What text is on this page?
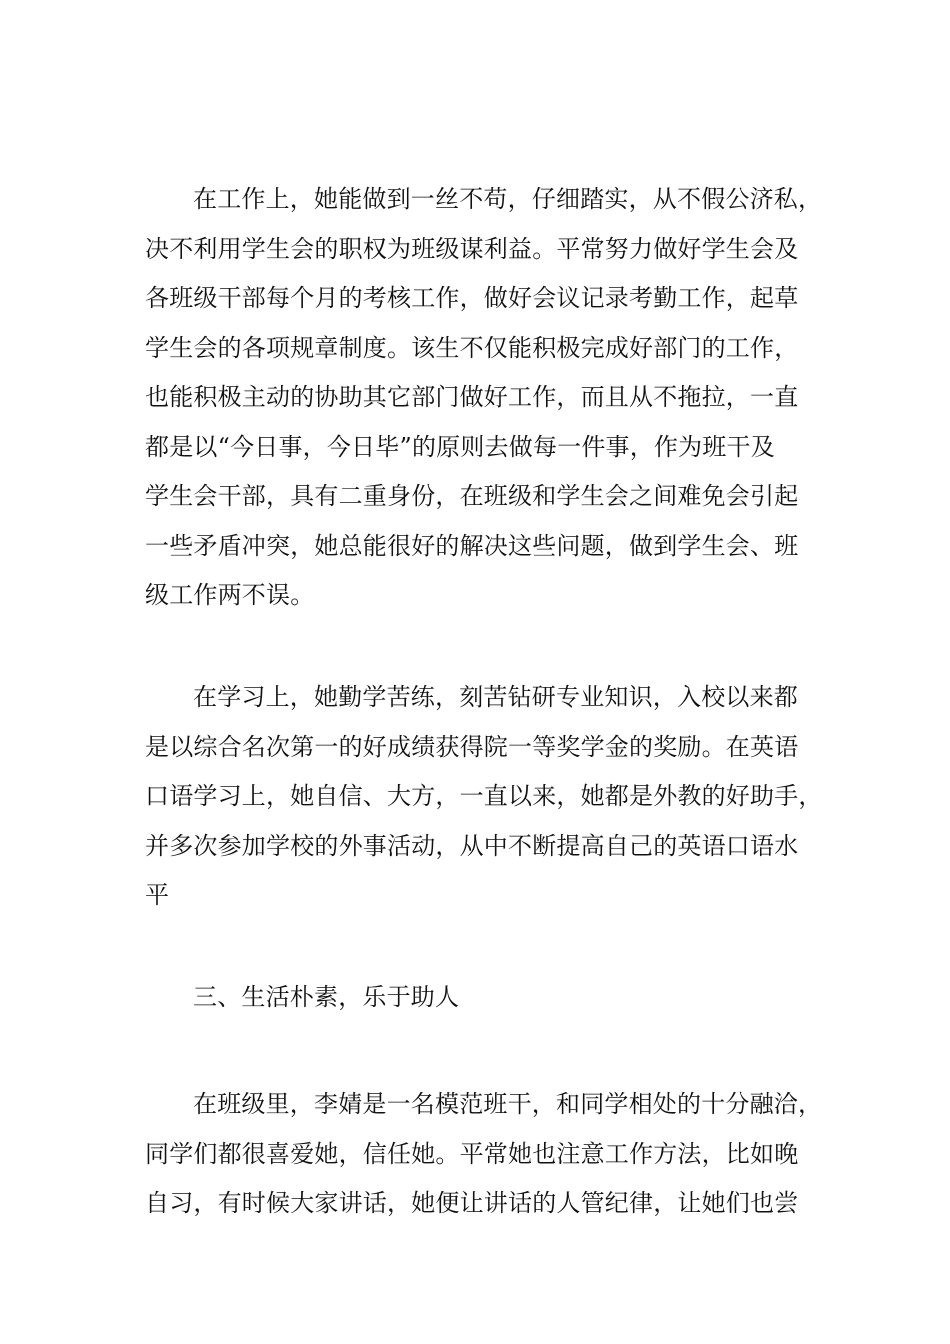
在工作上，她能做到一丝不苟，仔细踏实，从不假公济私，
决不利用学生会的职权为班级谋利益。平常努力做好学生会及
各班级干部每个月的考核工作，做好会议记录考勤工作，起草
学生会的各项规章制度。该生不仅能积极完成好部门的工作，
也能积极主动的协助其它部门做好工作，而且从不拖拉，一直
都是以“今日事，今日毕”的原则去做每一件事，作为班干及
学生会干部，具有二重身份，在班级和学生会之间难免会引起
一些矛盾冲突，她总能很好的解决这些问题，做到学生会、班
级工作两不误。
在学习上，她勤学苦练，刻苦钻研专业知识，入校以来都
是以综合名次第一的好成绩获得院一等奖学金的奖励。在英语
口语学习上，她自信、大方，一直以来，她都是外教的好助手，
并多次参加学校的外事活动，从中不断提高自己的英语口语水
平
三、生活朴素，乐于助人
在班级里，李婧是一名模范班干，和同学相处的十分融洽，
同学们都很喜爱她，信任她。平常她也注意工作方法，比如晚
自习，有时候大家讲话，她便让讲话的人管纪律，让她们也尝
